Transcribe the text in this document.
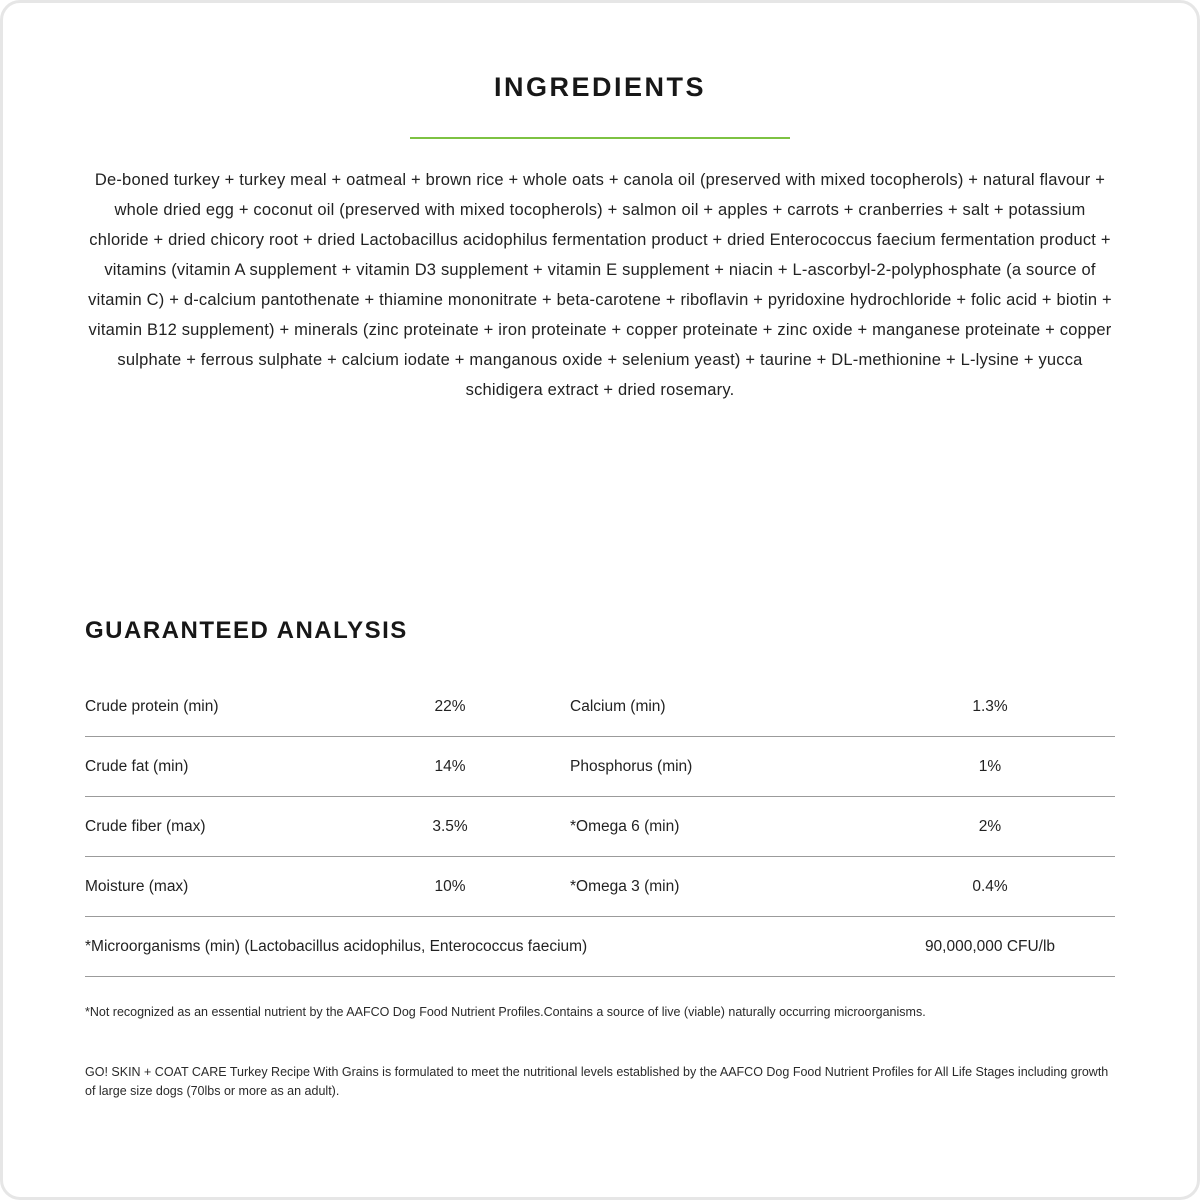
INGREDIENTS

De-boned turkey + turkey meal + oatmeal + brown rice + whole oats + canola oil (preserved with mixed tocopherols) + natural flavour + whole dried egg + coconut oil (preserved with mixed tocopherols) + salmon oil + apples + carrots + cranberries + salt + potassium chloride + dried chicory root + dried Lactobacillus acidophilus fermentation product + dried Enterococcus faecium fermentation product + vitamins (vitamin A supplement + vitamin D3 supplement + vitamin E supplement + niacin + L-ascorbyl-2-polyphosphate (a source of vitamin C) + d-calcium pantothenate + thiamine mononitrate + beta-carotene + riboflavin + pyridoxine hydrochloride + folic acid + biotin + vitamin B12 supplement) + minerals (zinc proteinate + iron proteinate + copper proteinate + zinc oxide + manganese proteinate + copper sulphate + ferrous sulphate + calcium iodate + manganous oxide + selenium yeast) + taurine + DL-methionine + L-lysine + yucca schidigera extract + dried rosemary.

GUARANTEED ANALYSIS
Crude protein (min)	22%	Calcium (min)	1.3%
Crude fat (min)	14%	Phosphorus (min)	1%
Crude fiber (max)	3.5%	*Omega 6 (min)	2%
Moisture (max)	10%	*Omega 3 (min)	0.4%
*Microorganisms (min) (Lactobacillus acidophilus, Enterococcus faecium)	90,000,000 CFU/lb

*Not recognized as an essential nutrient by the AAFCO Dog Food Nutrient Profiles.Contains a source of live (viable) naturally occurring microorganisms.

GO! SKIN + COAT CARE Turkey Recipe With Grains is formulated to meet the nutritional levels established by the AAFCO Dog Food Nutrient Profiles for All Life Stages including growth of large size dogs (70lbs or more as an adult).
